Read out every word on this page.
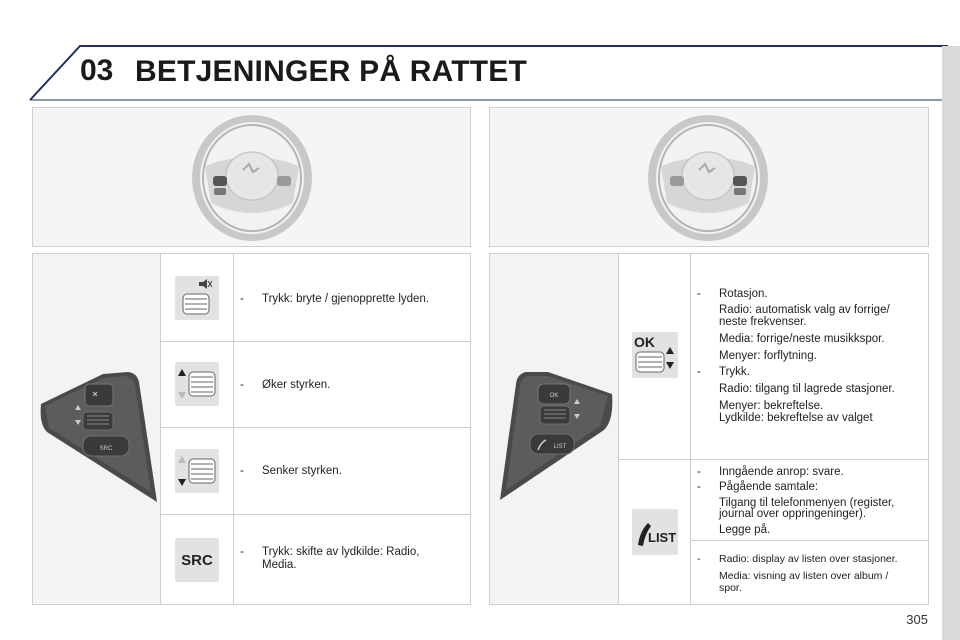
03 BETJENINGER PÅ RATTET
SRC
- Trykk: bryte / gjenopprette lyden.
- Øker styrken.
- Senker styrken.
SRC - Trykk: skifte av lydkilde: Radio,
Media.
OK
LIST
OK
- Rotasjon.
Radio: automatisk valg av forrige/
neste frekvenser.
Media: forrige/neste musikkspor.
Menyer: forflytning.
- Trykk.
Radio: tilgang til lagrede stasjoner.
Menyer: bekreftelse.
Lydkilde: bekreftelse av valget
LIST
- Inngående anrop: svare.
- Pågående samtale:
Tilgang til telefonmenyen (register,
journal over oppringeninger).
Legge på.
- Radio: display av listen over stasjoner.
Media: visning av listen over album /
spor.
305
